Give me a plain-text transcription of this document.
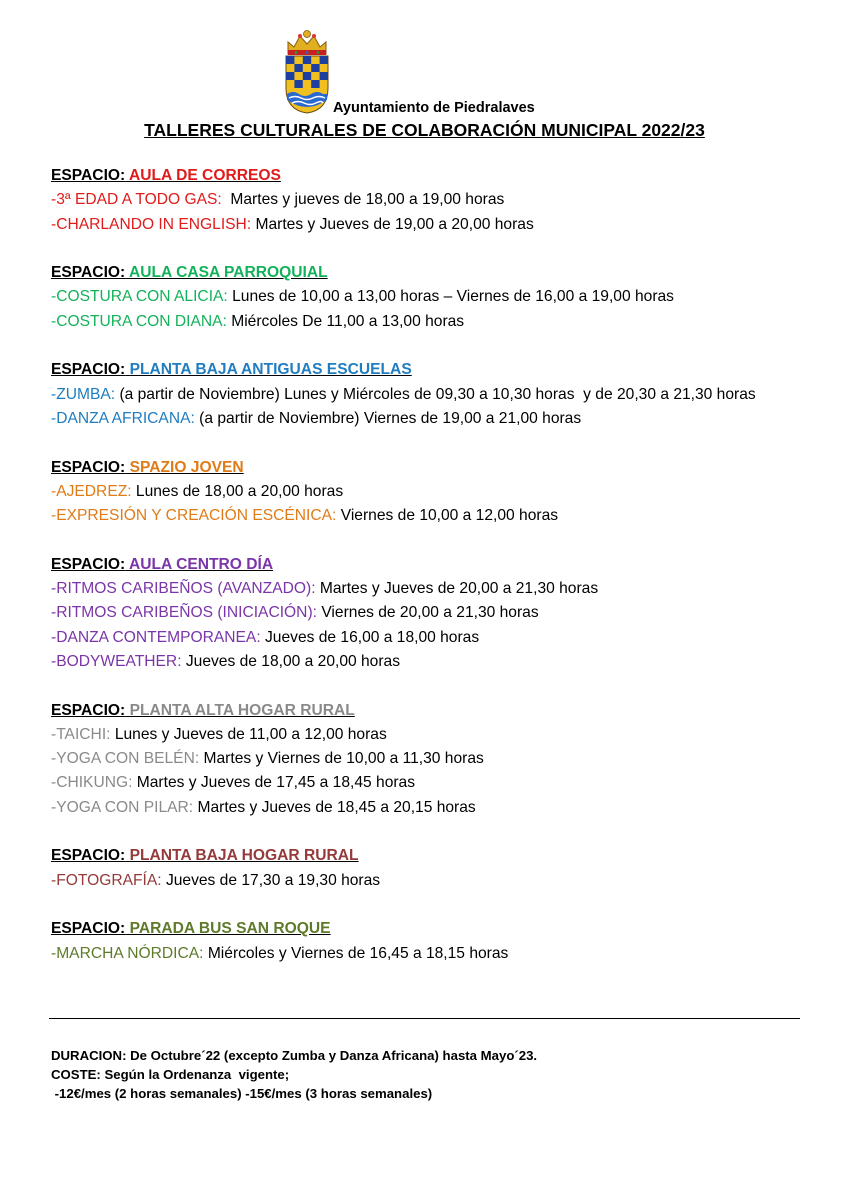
Ayuntamiento de Piedralaves
TALLERES CULTURALES DE COLABORACIÓN MUNICIPAL 2022/23
ESPACIO: AULA DE CORREOS
-3ª EDAD A TODO GAS:  Martes y jueves de 18,00 a 19,00 horas
-CHARLANDO IN ENGLISH: Martes y Jueves de 19,00 a 20,00 horas
ESPACIO: AULA CASA PARROQUIAL
-COSTURA CON ALICIA: Lunes de 10,00 a 13,00 horas – Viernes de 16,00 a 19,00 horas
-COSTURA CON DIANA: Miércoles De 11,00 a 13,00 horas
ESPACIO: PLANTA BAJA ANTIGUAS ESCUELAS
-ZUMBA: (a partir de Noviembre) Lunes y Miércoles de 09,30 a 10,30 horas  y de 20,30 a 21,30 horas
-DANZA AFRICANA: (a partir de Noviembre) Viernes de 19,00 a 21,00 horas
ESPACIO: SPAZIO JOVEN
-AJEDREZ: Lunes de 18,00 a 20,00 horas
-EXPRESIÓN Y CREACIÓN ESCÉNICA: Viernes de 10,00 a 12,00 horas
ESPACIO: AULA CENTRO DÍA
-RITMOS CARIBEÑOS (AVANZADO): Martes y Jueves de 20,00 a 21,30 horas
-RITMOS CARIBEÑOS (INICIACIÓN): Viernes de 20,00 a 21,30 horas
-DANZA CONTEMPORANEA: Jueves de 16,00 a 18,00 horas
-BODYWEATHER: Jueves de 18,00 a 20,00 horas
ESPACIO: PLANTA ALTA HOGAR RURAL
-TAICHI: Lunes y Jueves de 11,00 a 12,00 horas
-YOGA CON BELÉN: Martes y Viernes de 10,00 a 11,30 horas
-CHIKUNG: Martes y Jueves de 17,45 a 18,45 horas
-YOGA CON PILAR: Martes y Jueves de 18,45 a 20,15 horas
ESPACIO: PLANTA BAJA HOGAR RURAL
-FOTOGRAFÍA: Jueves de 17,30 a 19,30 horas
ESPACIO: PARADA BUS SAN ROQUE
-MARCHA NÓRDICA: Miércoles y Viernes de 16,45 a 18,15 horas
DURACION: De Octubre´22 (excepto Zumba y Danza Africana) hasta Mayo´23.
COSTE: Según la Ordenanza  vigente;
-12€/mes (2 horas semanales) -15€/mes (3 horas semanales)
